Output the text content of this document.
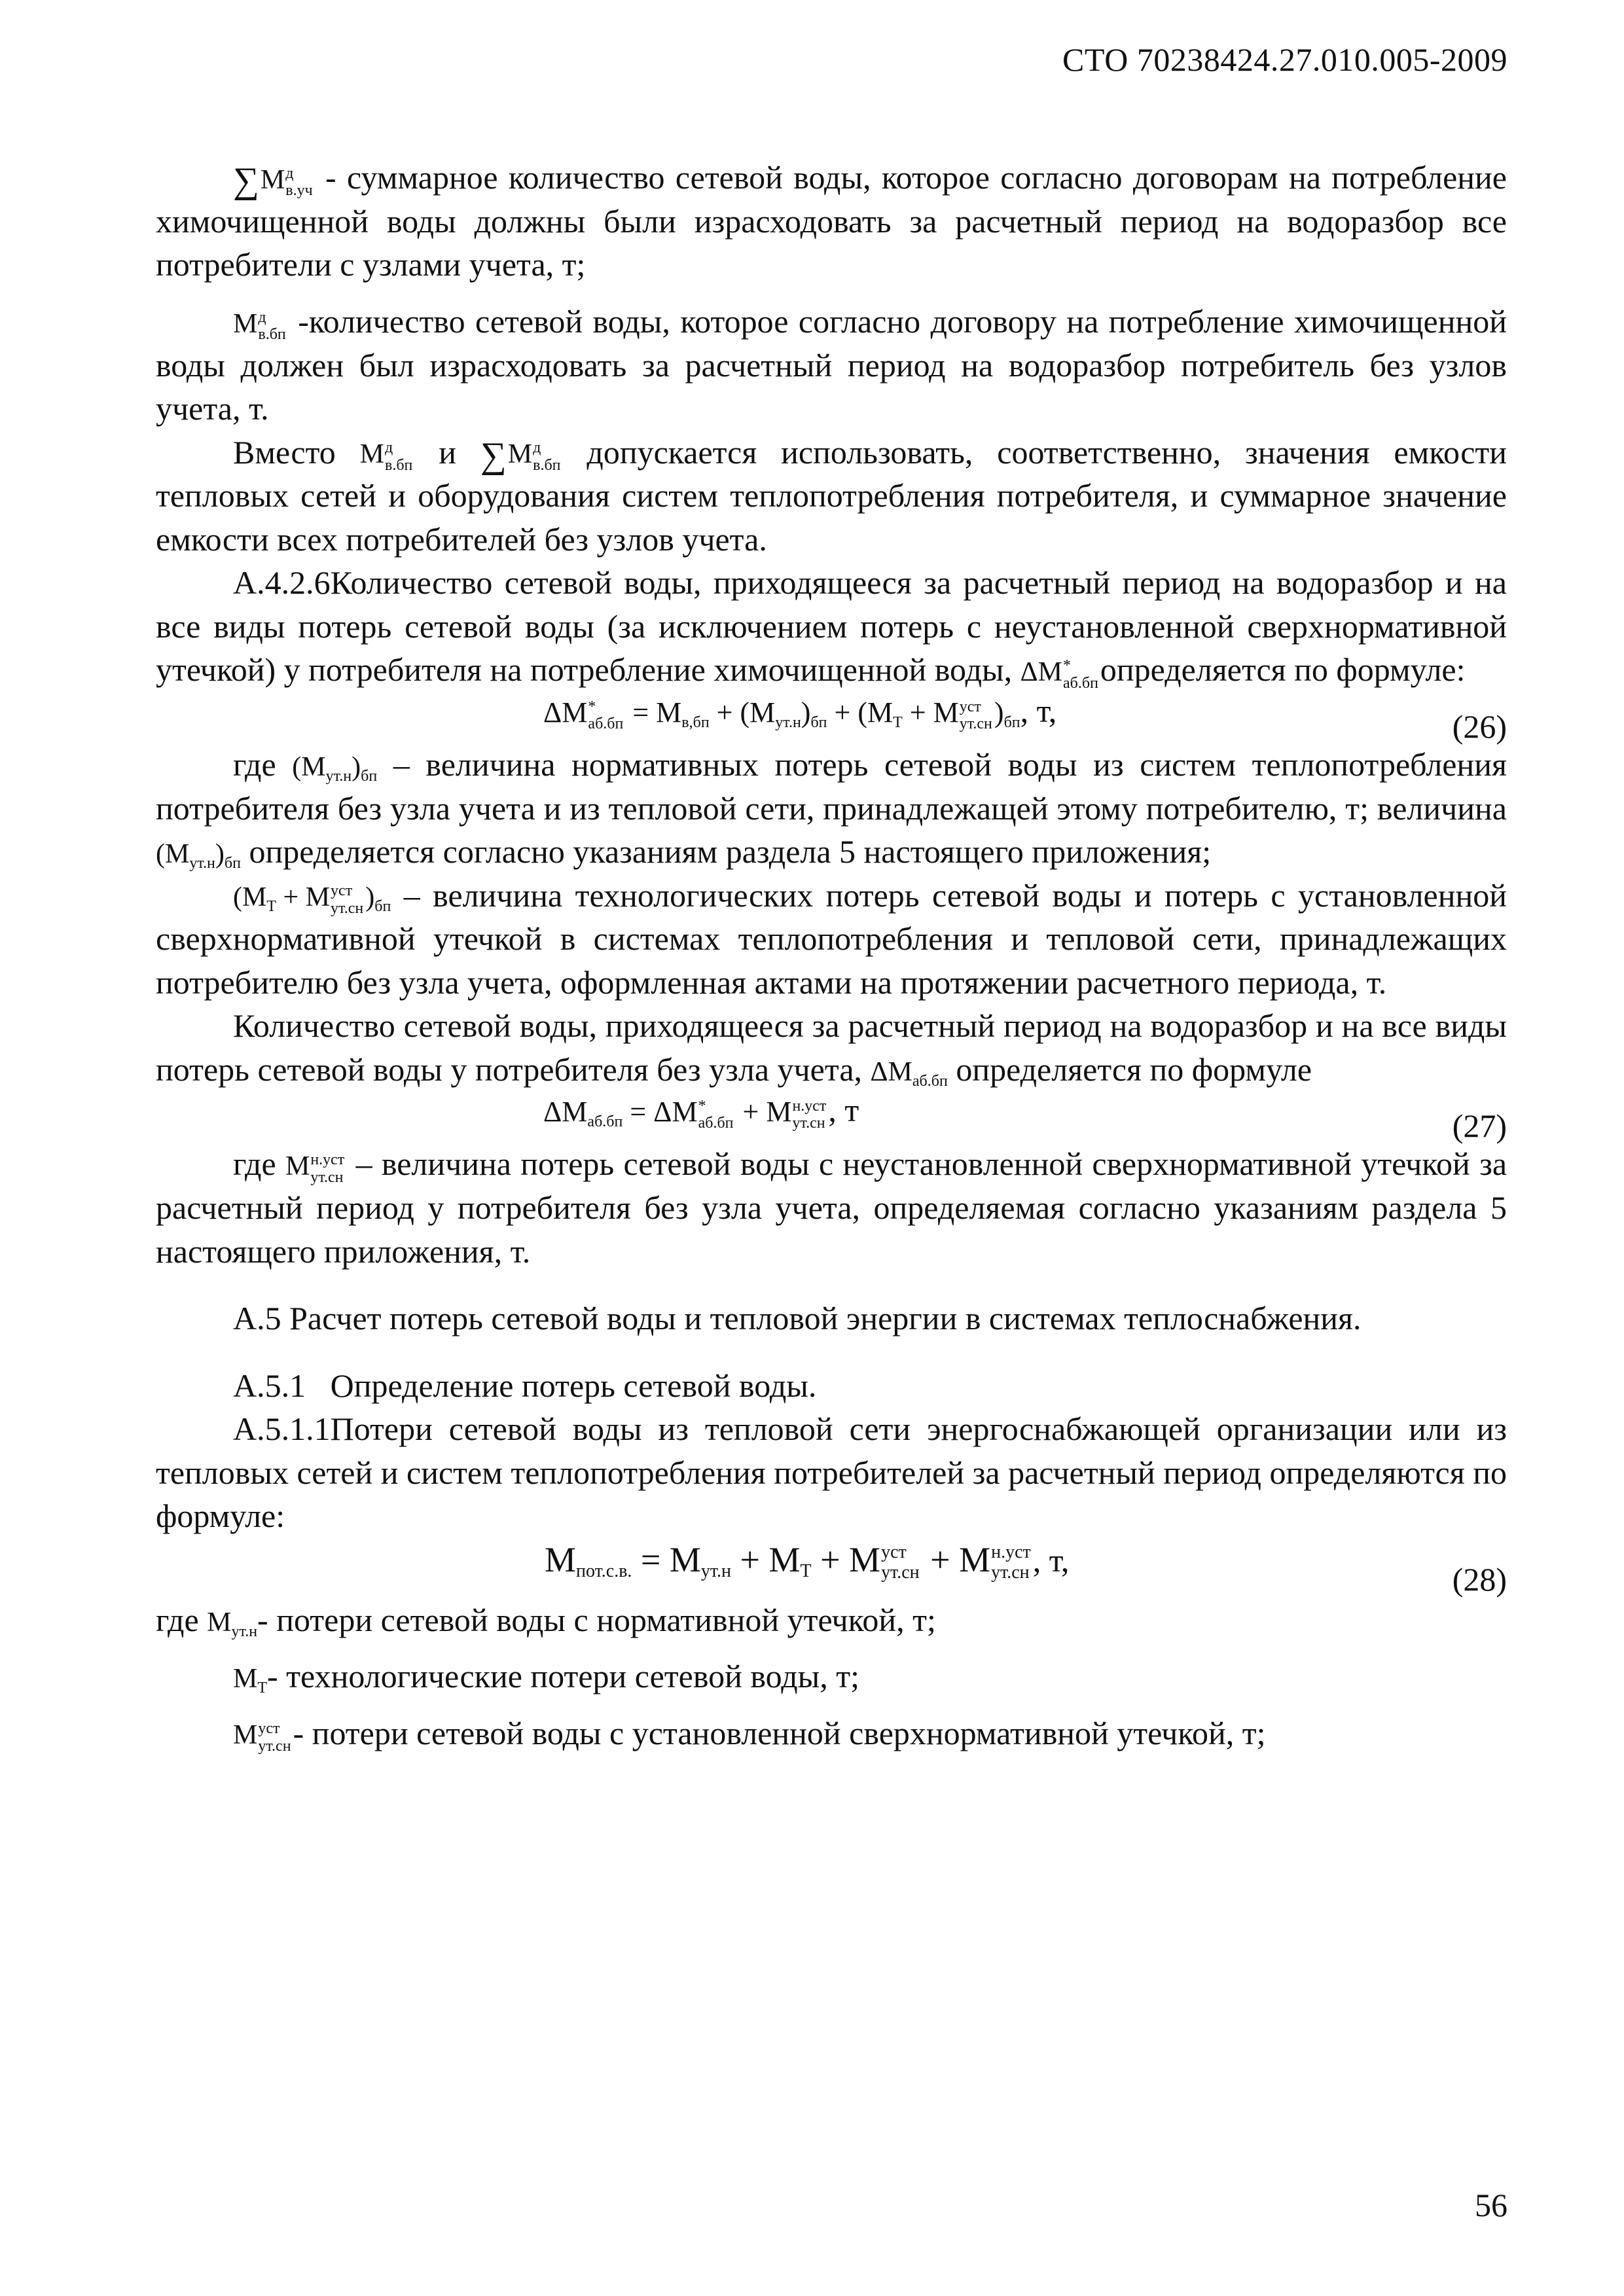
СТО 70238424.27.010.005-2009

∑M д
в.уч - суммарное количество сетевой воды, которое согласно договорам на потребление химочищенной воды должны были израсходовать за расчетный период на водоразбор все потребители с узлами учета, т;

M д
в.бп -количество сетевой воды, которое согласно договору на потребление химочищенной воды должен был израсходовать за расчетный период на водоразбор потребитель без узлов учета, т.

Вместо M д
в.бп и ∑M д
в.бп допускается использовать, соответственно, значения емкости тепловых сетей и оборудования систем теплопотребления потребителя, и суммарное значение емкости всех потребителей без узлов учета.

А.4.2.6Количество сетевой воды, приходящееся за расчетный период на водоразбор и на все виды потерь сетевой воды (за исключением потерь с неустановленной сверхнормативной утечкой) у потребителя на потребление химочищенной воды, ΔM *
аб.бп определяется по формуле:

ΔM *
аб.бп = Mв,бп + (Mут.н)бп + (MT + M уст
ут.сн )бп, т,	(26)

где (Mут.н)бп – величина нормативных потерь сетевой воды из систем теплопотребления потребителя без узла учета и из тепловой сети, принадлежащей этому потребителю, т; величина (Mут.н)бп определяется согласно указаниям раздела 5 настоящего приложения;

(MT + M уст
ут.сн )бп – величина технологических потерь сетевой воды и потерь с установленной сверхнормативной утечкой в системах теплопотребления и тепловой сети, принадлежащих потребителю без узла учета, оформленная актами на протяжении расчетного периода, т.

Количество сетевой воды, приходящееся за расчетный период на водоразбор и на все виды потерь сетевой воды у потребителя без узла учета, ΔMаб.бп определяется по формуле

ΔMаб.бп = ΔM *
аб.бп + M н.уст
ут.сн , т	(27)

где M н.уст
ут.сн – величина потерь сетевой воды с неустановленной сверхнормативной утечкой за расчетный период у потребителя без узла учета, определяемая согласно указаниям раздела 5 настоящего приложения, т.

А.5 Расчет потерь сетевой воды и тепловой энергии в системах теплоснабжения.

А.5.1 Определение потерь сетевой воды.

А.5.1.1Потери сетевой воды из тепловой сети энергоснабжающей организации или из тепловых сетей и систем теплопотребления потребителей за расчетный период определяются по формуле:

Mпот.с.в. = Mут.н + MT + M уст
ут.сн + M н.уст
ут.сн , т,
(28)

где Mут.н- потери сетевой воды с нормативной утечкой, т;

MT- технологические потери сетевой воды, т;

M уст
ут.сн - потери сетевой воды с установленной сверхнормативной утечкой, т;

56
